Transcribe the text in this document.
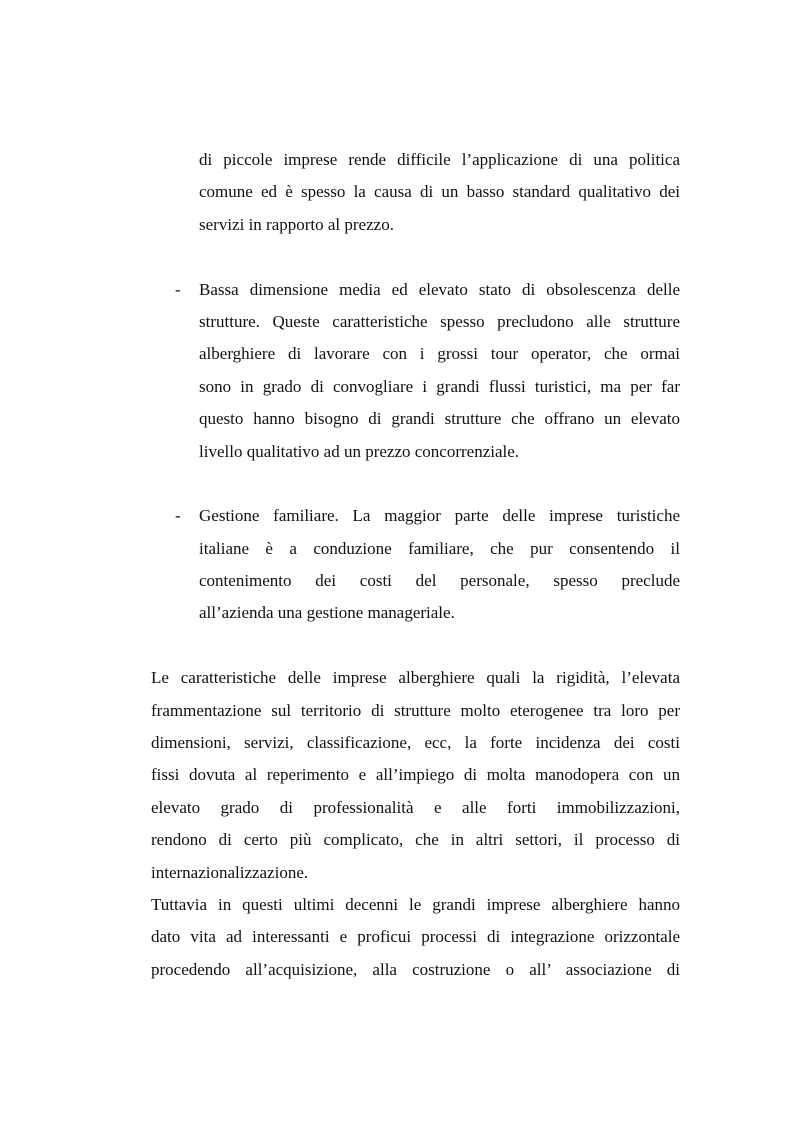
di piccole imprese rende difficile l’applicazione di una politica
comune ed è spesso la causa di un basso standard qualitativo dei
servizi in rapporto al prezzo.
- Bassa dimensione media ed elevato stato di obsolescenza delle
strutture. Queste caratteristiche spesso precludono alle strutture
alberghiere di lavorare con i grossi tour operator, che ormai
sono in grado di convogliare i grandi flussi turistici, ma per far
questo hanno bisogno di grandi strutture che offrano un elevato
livello qualitativo ad un prezzo concorrenziale.
- Gestione familiare. La maggior parte delle imprese turistiche
italiane è a conduzione familiare, che pur consentendo il
contenimento dei costi del personale, spesso preclude
all’azienda una gestione manageriale.
Le caratteristiche delle imprese alberghiere quali la rigidità, l’elevata
frammentazione sul territorio di strutture molto eterogenee tra loro per
dimensioni, servizi, classificazione, ecc, la forte incidenza dei costi
fissi dovuta al reperimento e all’impiego di molta manodopera con un
elevato grado di professionalità e alle forti immobilizzazioni,
rendono di certo più complicato, che in altri settori, il processo di
internazionalizzazione.
Tuttavia in questi ultimi decenni le grandi imprese alberghiere hanno
dato vita ad interessanti e proficui processi di integrazione orizzontale
procedendo all’acquisizione, alla costruzione o all’ associazione di
